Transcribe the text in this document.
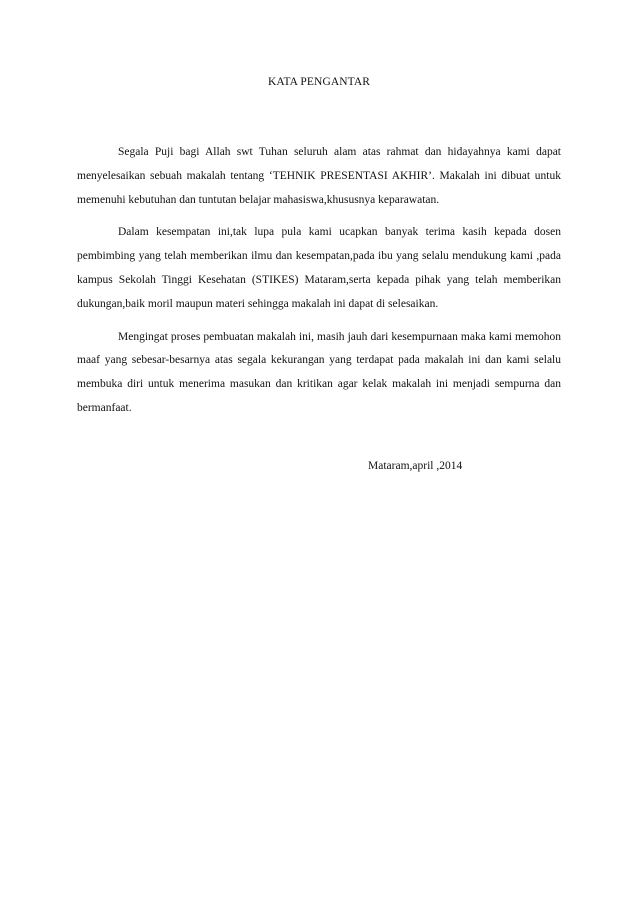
KATA PENGANTAR

Segala Puji bagi Allah swt Tuhan seluruh alam atas rahmat dan hidayahnya kami dapat menyelesaikan sebuah makalah tentang ‘TEHNIK PRESENTASI AKHIR’. Makalah ini dibuat untuk memenuhi kebutuhan dan tuntutan belajar mahasiswa,khususnya keparawatan.

Dalam kesempatan ini,tak lupa pula kami ucapkan banyak terima kasih kepada dosen pembimbing yang telah memberikan ilmu dan kesempatan,pada ibu yang selalu mendukung kami ,pada kampus Sekolah Tinggi Kesehatan (STIKES) Mataram,serta kepada pihak yang telah memberikan dukungan,baik moril maupun materi sehingga makalah ini dapat di selesaikan.

Mengingat proses pembuatan makalah ini, masih jauh dari kesempurnaan maka kami memohon maaf yang sebesar-besarnya atas segala kekurangan yang terdapat pada makalah ini dan kami selalu membuka diri untuk menerima masukan dan kritikan agar kelak makalah ini menjadi sempurna dan bermanfaat.

Mataram,april ,2014
